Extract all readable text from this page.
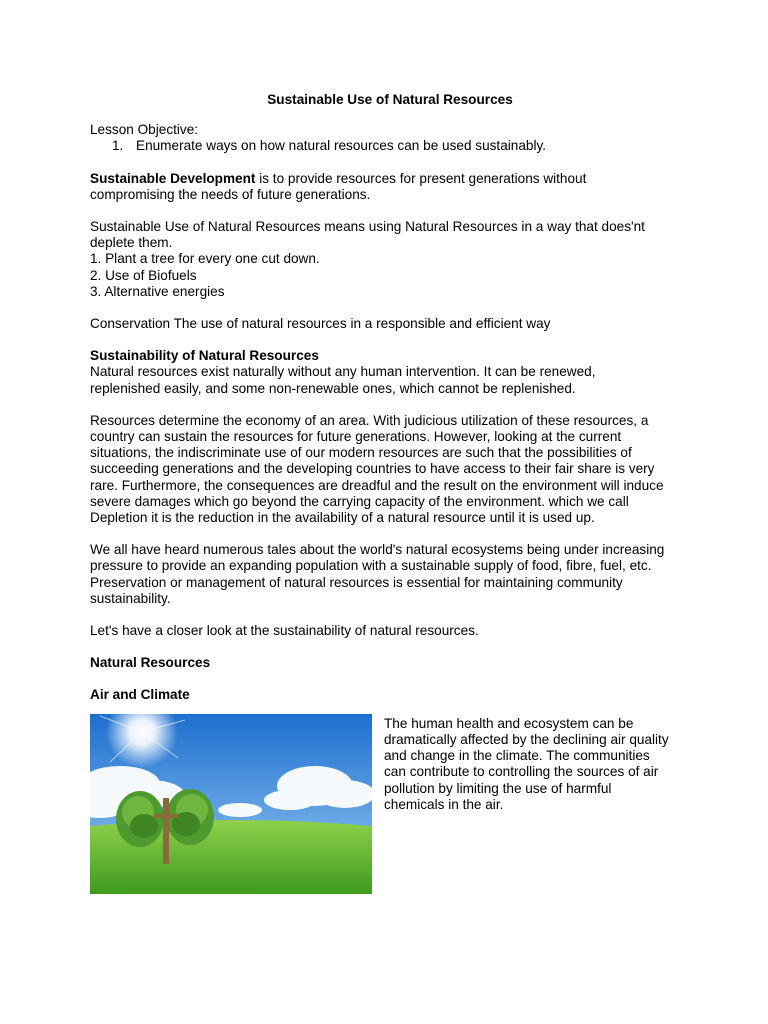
Sustainable Use of Natural Resources

Lesson Objective:

1. Enumerate ways on how natural resources can be used sustainably.

Sustainable Development is to provide resources for present generations without
compromising the needs of future generations.

Sustainable Use of Natural Resources means using Natural Resources in a way that does'nt
deplete them.
1. Plant a tree for every one cut down.
2. Use of Biofuels
3. Alternative energies

Conservation The use of natural resources in a responsible and efficient way

Sustainability of Natural Resources

Natural resources exist naturally without any human intervention. It can be renewed,
replenished easily, and some non-renewable ones, which cannot be replenished.

Resources determine the economy of an area. With judicious utilization of these resources, a
country can sustain the resources for future generations. However, looking at the current
situations, the indiscriminate use of our modern resources are such that the possibilities of
succeeding generations and the developing countries to have access to their fair share is very
rare. Furthermore, the consequences are dreadful and the result on the environment will induce
severe damages which go beyond the carrying capacity of the environment. which we call
Depletion it is the reduction in the availability of a natural resource until it is used up.

We all have heard numerous tales about the world's natural ecosystems being under increasing
pressure to provide an expanding population with a sustainable supply of food, fibre, fuel, etc.
Preservation or management of natural resources is essential for maintaining community
sustainability.

Let's have a closer look at the sustainability of natural resources.

Natural Resources

Air and Climate

The human health and ecosystem can be
dramatically affected by the declining air quality
and change in the climate. The communities
can contribute to controlling the sources of air
pollution by limiting the use of harmful
chemicals in the air.
